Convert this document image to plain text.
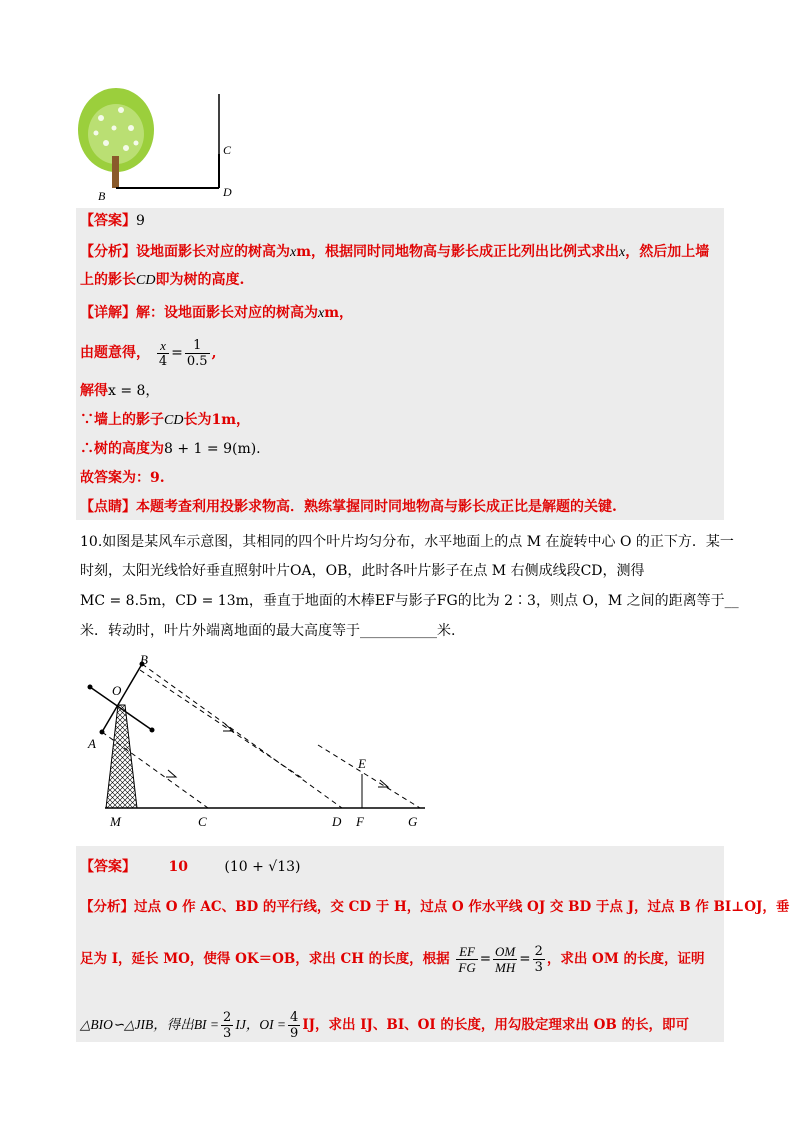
C
D
B
【答案】9
【分析】设地面影长对应的树高为xm，根据同时同地物高与影长成正比列出比例式求出x，然后加上墙
上的影长CD即为树的高度.
【详解】解：设地面影长对应的树高为xm，
由题意得， $\frac{x}{4} = \frac{1}{0.5}$ ,
解得x = 8，
∵墙上的影子CD长为1m，
∴树的高度为8 + 1 = 9(m).
故答案为：9.
【点睛】本题考查利用投影求物高．熟练掌握同时同地物高与影长成正比是解题的关键.
10.如图是某风车示意图，其相同的四个叶片均匀分布，水平地面上的点 M 在旋转中心 O 的正下方．某一
时刻，太阳光线恰好垂直照射叶片OA，OB，此时各叶片影子在点 M 右侧成线段CD，测得
MC = 8.5m，CD = 13m，垂直于地面的木棒EF与影子FG的比为 2∶3，则点 O，M 之间的距离等于__
米．转动时，叶片外端离地面的最大高度等于___________米.
B
O
A
M	C	D F	G
E
【答案】 10	(10 + √13)
【分析】过点 O 作 AC、BD 的平行线，交 CD 于 H，过点 O 作水平线 OJ 交 BD 于点 J，过点 B 作 BI⊥OJ，垂
足为 I，延长 MO，使得 OK＝OB，求出 CH 的长度，根据 $\frac{EF}{FG} = \frac{OM}{MH} = \frac{2}{3}$ ，求出 OM 的长度，证明
△BIO∽△JIB，得出BI = $\frac{2}{3}$ IJ，OI = $\frac{4}{9}$ IJ，求出 IJ、BI、OI 的长度，用勾股定理求出 OB 的长，即可
